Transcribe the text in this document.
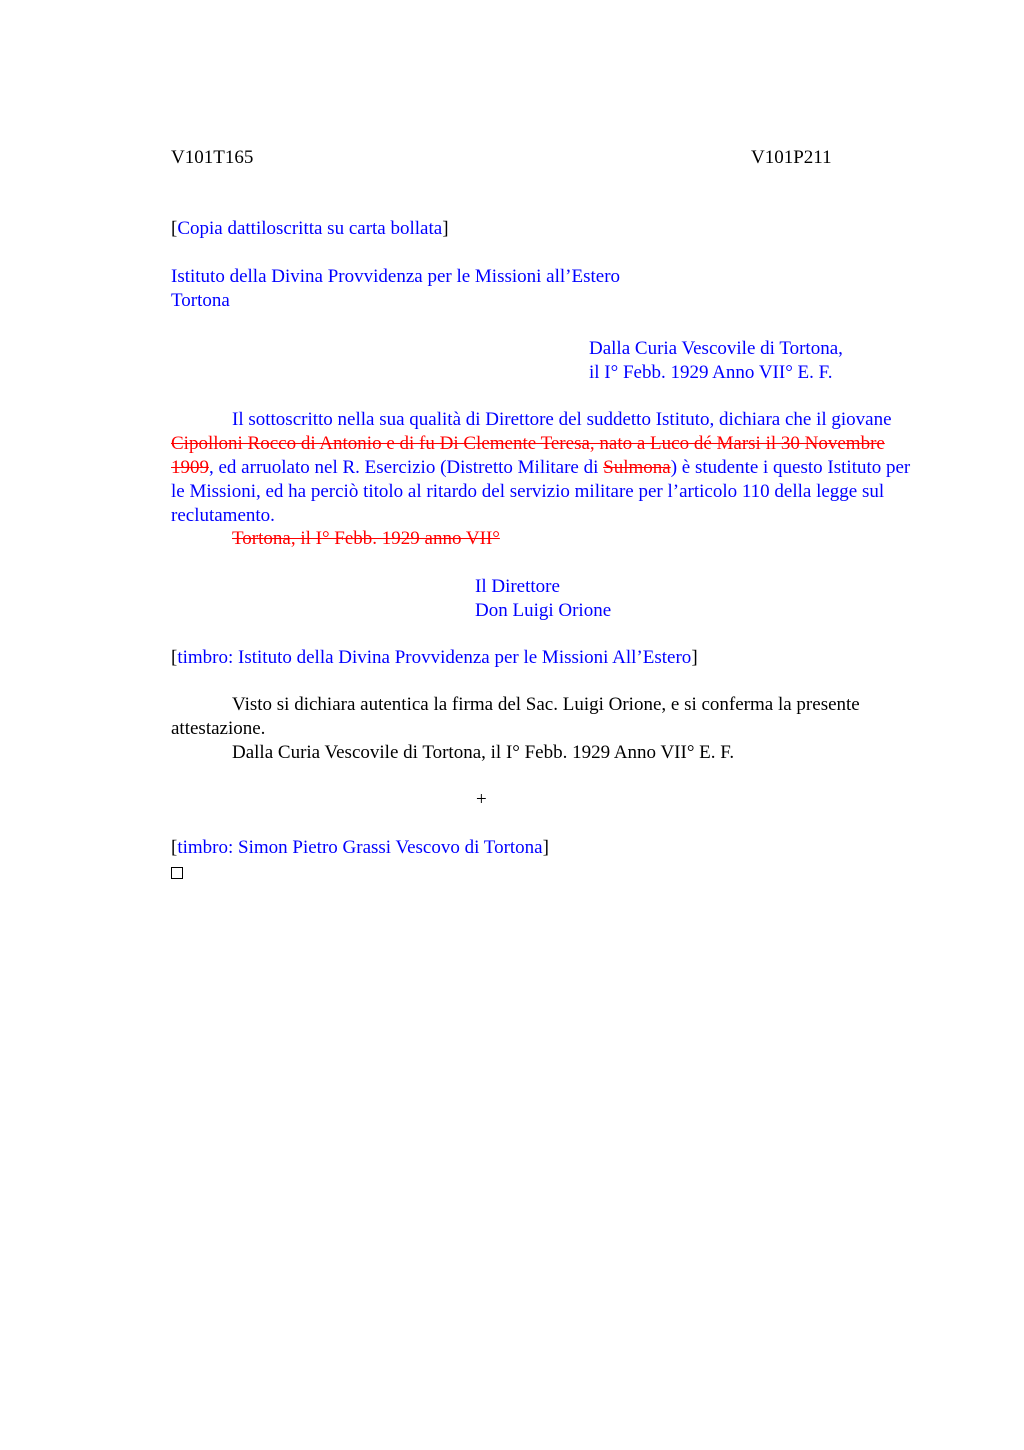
V101T165	V101P211
[Copia dattiloscritta su carta bollata]
Istituto della Divina Provvidenza per le Missioni all’Estero
Tortona
Dalla Curia Vescovile di Tortona,
il I° Febb. 1929 Anno VII° E. F.
Il sottoscritto nella sua qualità di Direttore del suddetto Istituto, dichiara che il giovane Cipolloni Rocco di Antonio e di fu Di Clemente Teresa, nato a Luco dé Marsi il 30 Novembre 1909, ed arruolato nel R. Esercizio (Distretto Militare di Sulmona) è studente i questo Istituto per le Missioni, ed ha perciò titolo al ritardo del servizio militare per l’articolo 110 della legge sul reclutamento.
Tortona, il I° Febb. 1929 anno VII°
Il Direttore
Don Luigi Orione
[timbro: Istituto della Divina Provvidenza per le Missioni All’Estero]
Visto si dichiara autentica la firma del Sac. Luigi Orione, e si conferma la presente attestazione.
Dalla Curia Vescovile di Tortona, il I° Febb. 1929 Anno VII° E. F.
+
[timbro: Simon Pietro Grassi Vescovo di Tortona]
